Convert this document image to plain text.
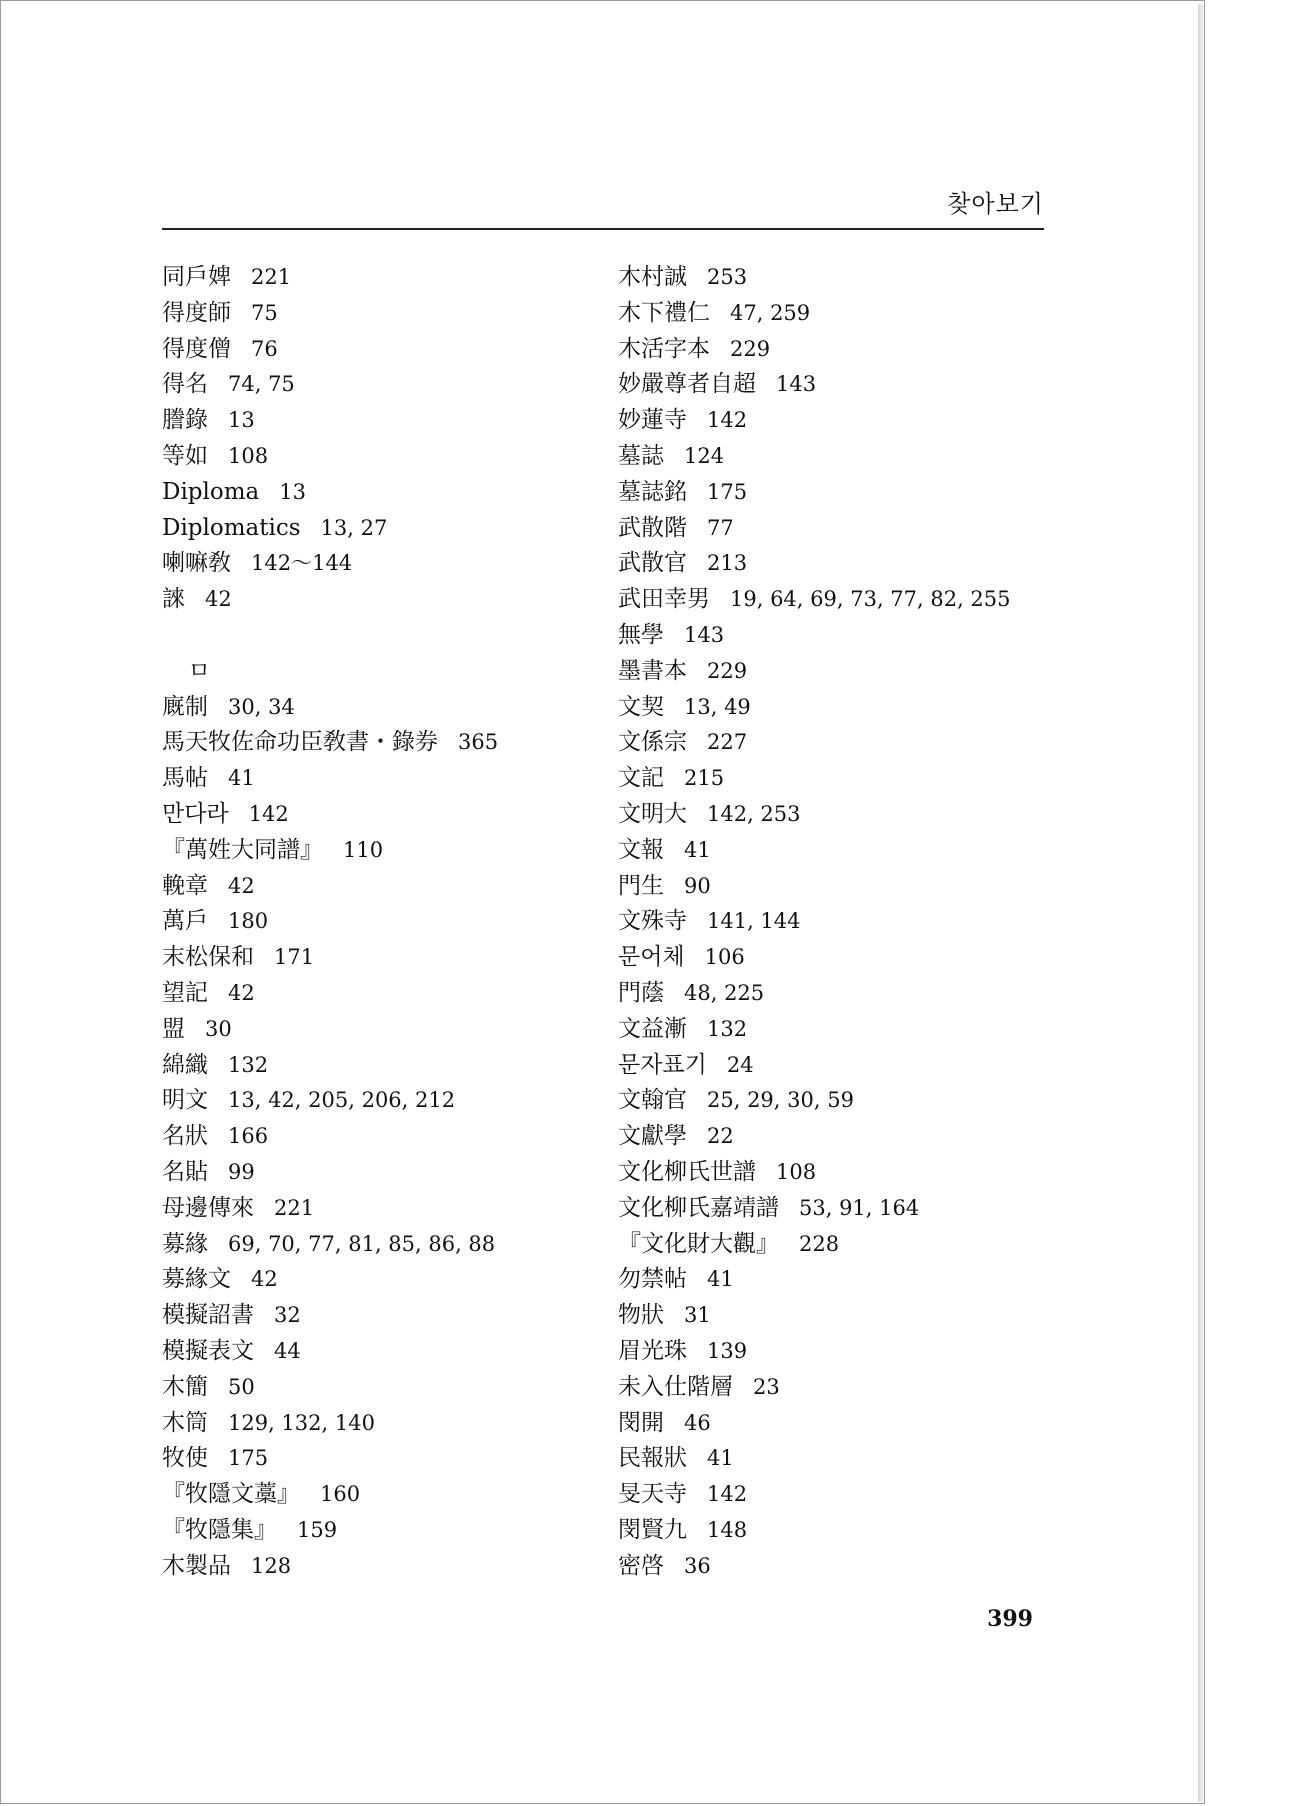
찾아보기
同戶婢 221
得度師 75
得度僧 76
得名 74, 75
謄錄 13
等如 108
Diploma 13
Diplomatics 13, 27
喇嘛敎 142～144
誺 42
ㅁ
廐制 30, 34
馬天牧佐命功臣敎書・錄券 365
馬帖 41
만다라 142
『萬姓大同譜』 110
輓章 42
萬戶 180
末松保和 171
望記 42
盟 30
綿織 132
明文 13, 42, 205, 206, 212
名狀 166
名貼 99
母邊傳來 221
募緣 69, 70, 77, 81, 85, 86, 88
募緣文 42
模擬詔書 32
模擬表文 44
木簡 50
木筒 129, 132, 140
牧使 175
『牧隱文藁』 160
『牧隱集』 159
木製品 128
木村誠 253
木下禮仁 47, 259
木活字本 229
妙嚴尊者自超 143
妙蓮寺 142
墓誌 124
墓誌銘 175
武散階 77
武散官 213
武田幸男 19, 64, 69, 73, 77, 82, 255
無學 143
墨書本 229
文契 13, 49
文係宗 227
文記 215
文明大 142, 253
文報 41
門生 90
文殊寺 141, 144
문어체 106
門蔭 48, 225
文益漸 132
문자표기 24
文翰官 25, 29, 30, 59
文獻學 22
文化柳氏世譜 108
文化柳氏嘉靖譜 53, 91, 164
『文化財大觀』 228
勿禁帖 41
物狀 31
眉光珠 139
未入仕階層 23
閔開 46
民報狀 41
旻天寺 142
閔賢九 148
密啓 36
399
